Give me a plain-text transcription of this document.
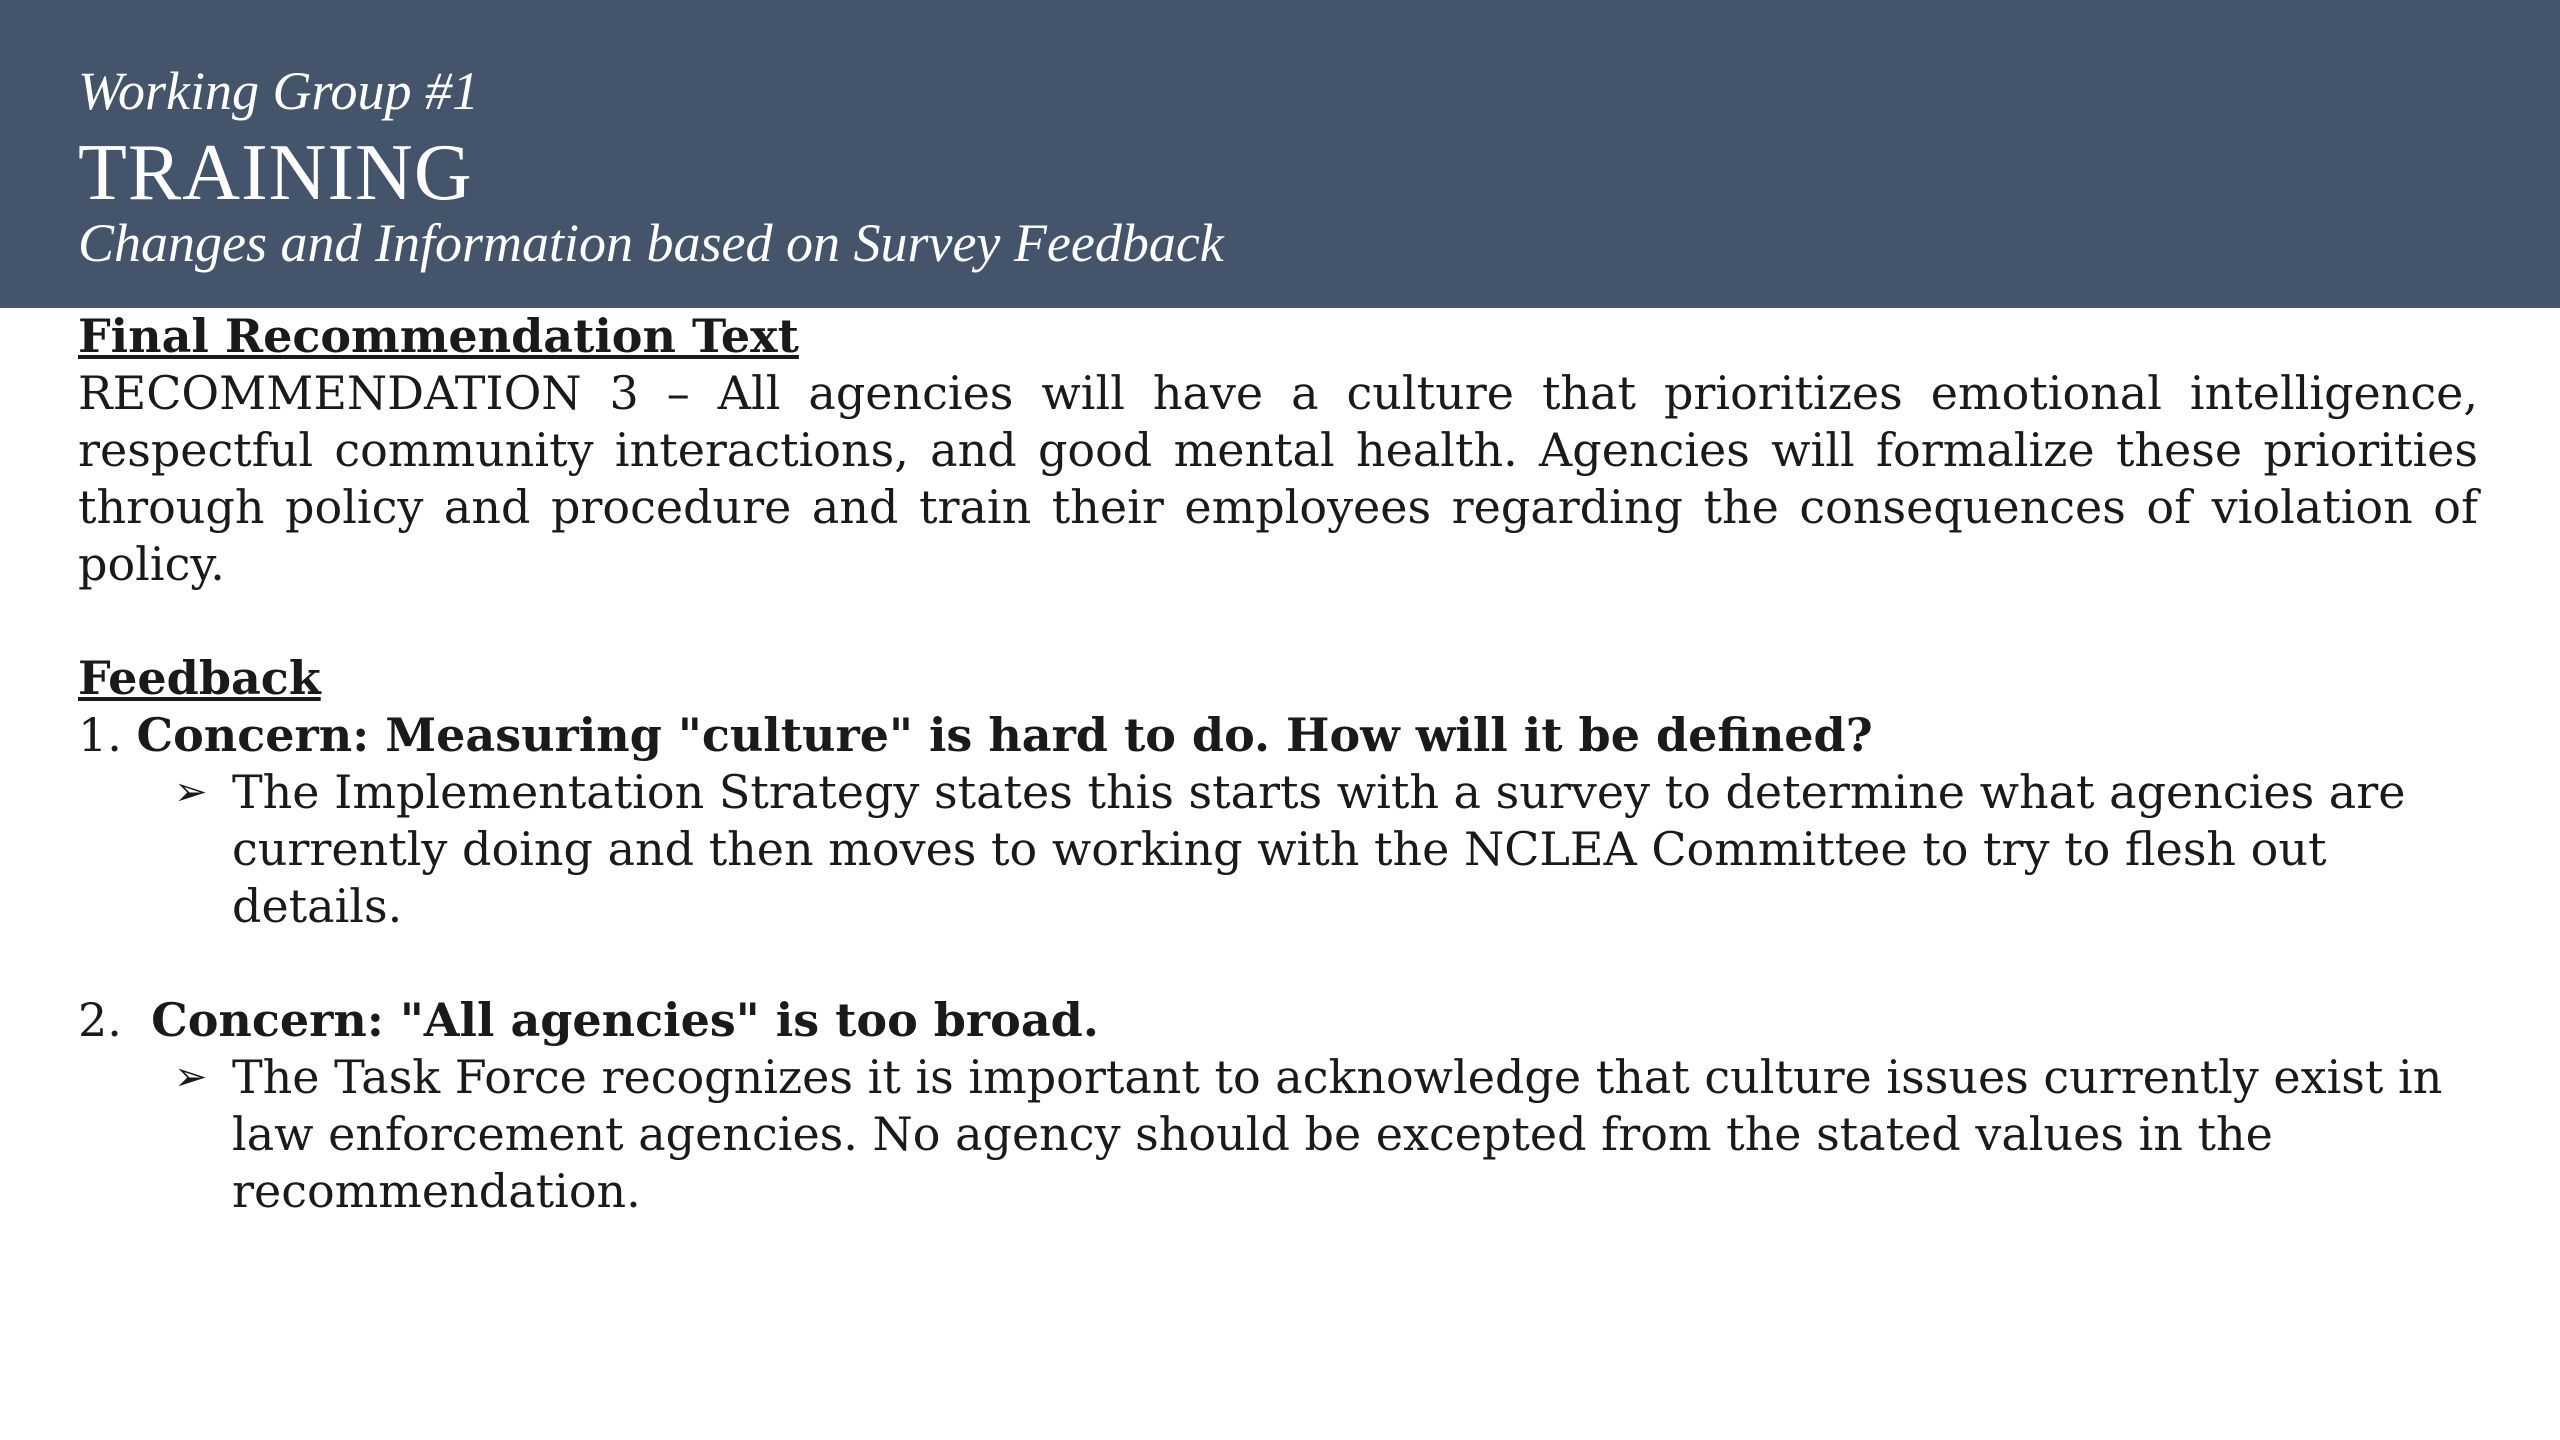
Working Group #1
TRAINING
Changes and Information based on Survey Feedback

Final Recommendation Text

RECOMMENDATION 3 – All agencies will have a culture that prioritizes emotional intelligence, respectful community interactions, and good mental health. Agencies will formalize these priorities through policy and procedure and train their employees regarding the consequences of violation of policy.

Feedback

1. Concern: Measuring "culture" is hard to do. How will it be defined?
➢ The Implementation Strategy states this starts with a survey to determine what agencies are currently doing and then moves to working with the NCLEA Committee to try to flesh out details.
2. Concern: "All agencies" is too broad.
➢ The Task Force recognizes it is important to acknowledge that culture issues currently exist in law enforcement agencies. No agency should be excepted from the stated values in the recommendation.
